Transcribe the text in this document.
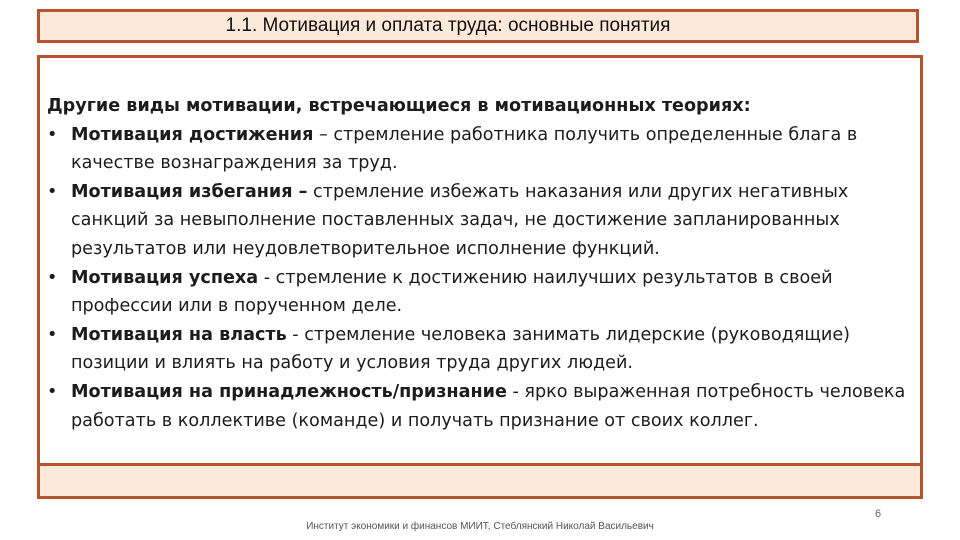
1.1. Мотивация и оплата труда: основные понятия
Другие виды мотивации, встречающиеся в мотивационных теориях:
• Мотивация достижения – стремление работника получить определенные блага в качестве вознаграждения за труд.
• Мотивация избегания – стремление избежать наказания или других негативных санкций за невыполнение поставленных задач, не достижение запланированных результатов или неудовлетворительное исполнение функций.
• Мотивация успеха - стремление к достижению наилучших результатов в своей профессии или в порученном деле.
• Мотивация на власть - стремление человека занимать лидерские (руководящие) позиции и влиять на работу и условия труда других людей.
• Мотивация на принадлежность/признание - ярко выраженная потребность человека работать в коллективе (команде) и получать признание от своих коллег.
Институт экономики и финансов МИИТ, Стеблянский Николай Васильевич
6
